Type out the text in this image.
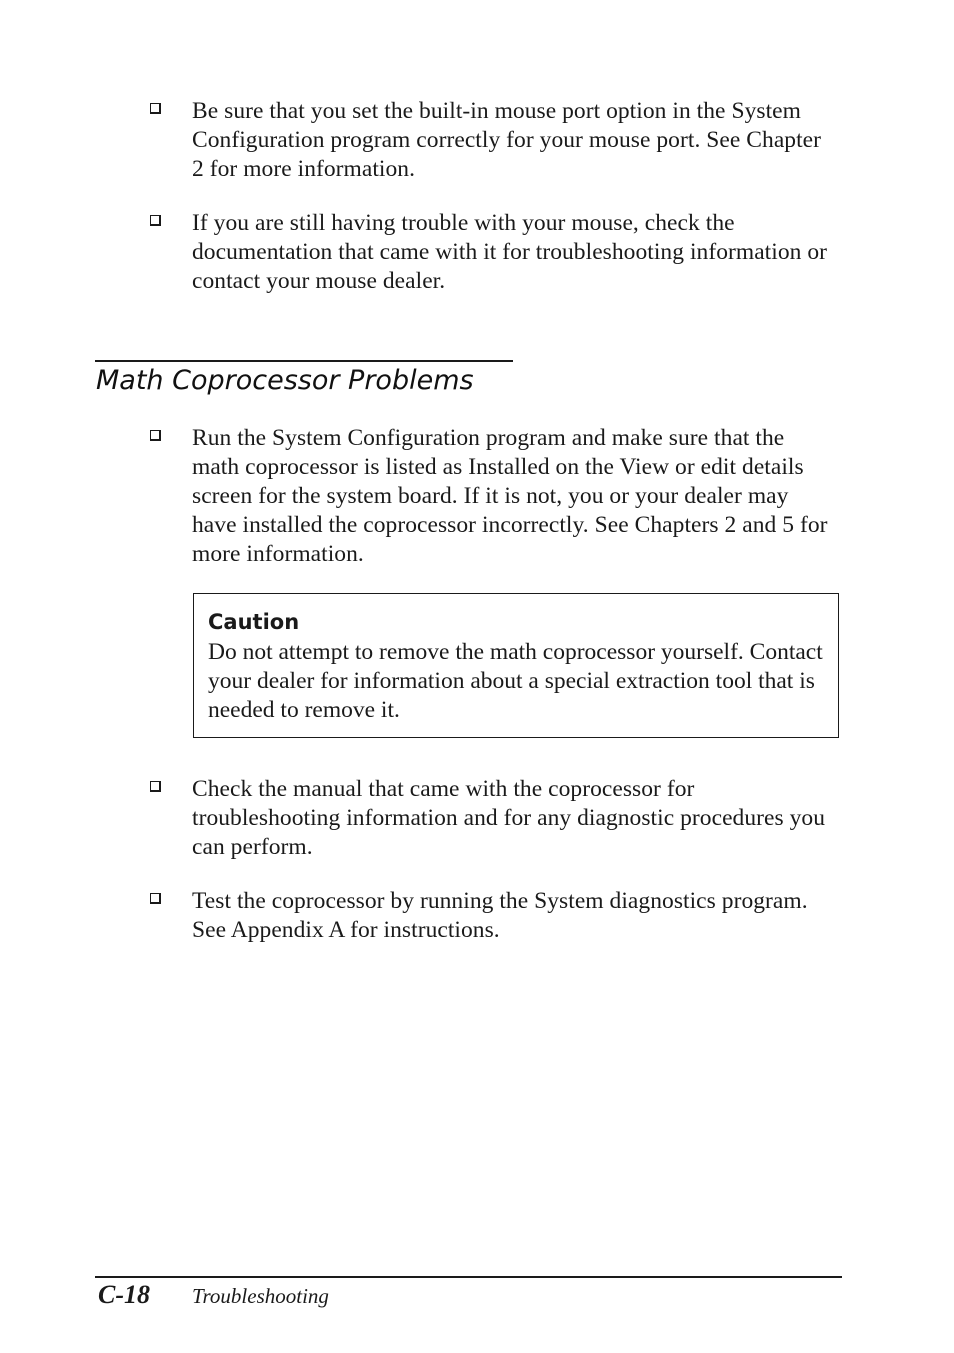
Be sure that you set the built-in mouse port option in the System Configuration program correctly for your mouse port. See Chapter 2 for more information.
If you are still having trouble with your mouse, check the documentation that came with it for troubleshooting information or contact your mouse dealer.
Math Coprocessor Problems
Run the System Configuration program and make sure that the math coprocessor is listed as Installed on the View or edit details screen for the system board. If it is not, you or your dealer may have installed the coprocessor incorrectly. See Chapters 2 and 5 for more information.
Caution
Do not attempt to remove the math coprocessor yourself. Contact your dealer for information about a special extraction tool that is needed to remove it.
Check the manual that came with the coprocessor for troubleshooting information and for any diagnostic procedures you can perform.
Test the coprocessor by running the System diagnostics program. See Appendix A for instructions.
C-18 Troubleshooting
